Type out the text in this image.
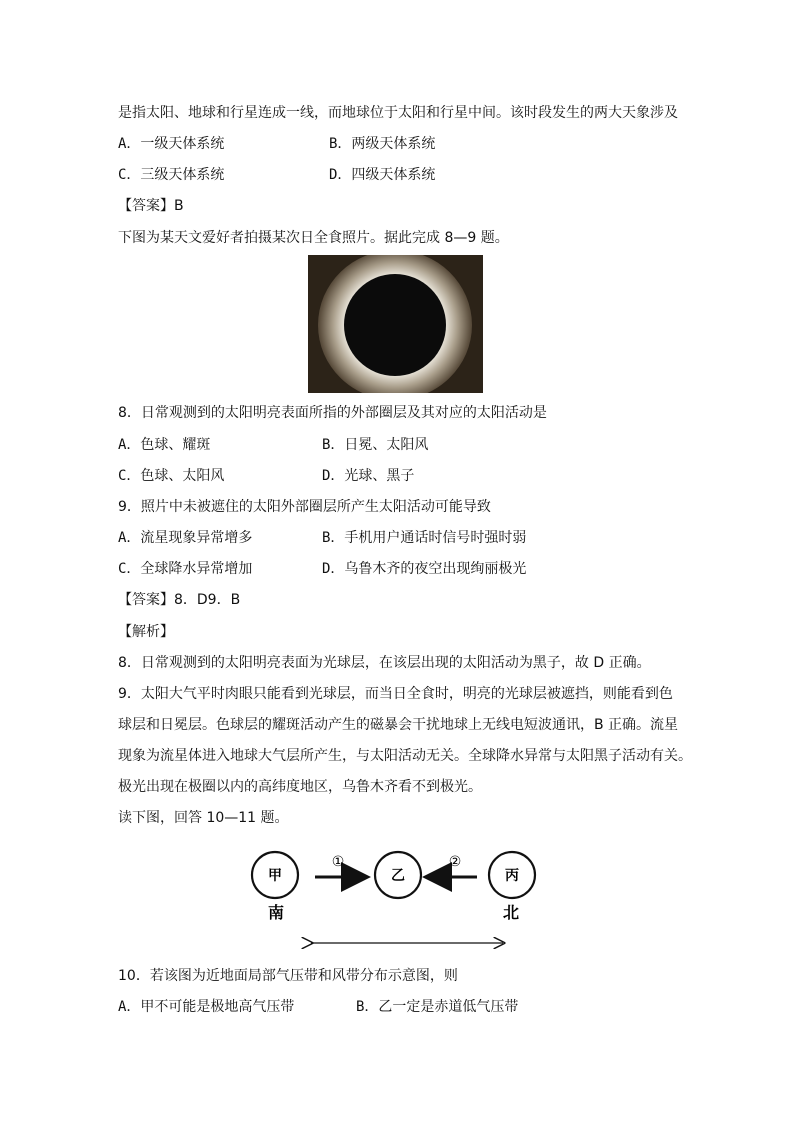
是指太阳、地球和行星连成一线，而地球位于太阳和行星中间。该时段发生的两大天象涉及
A．一级天体系统	B．两级天体系统
C．三级天体系统	D．四级天体系统
【答案】B
下图为某天文爱好者拍摄某次日全食照片。据此完成 8—9 题。
8．日常观测到的太阳明亮表面所指的外部圈层及其对应的太阳活动是
A．色球、耀斑	B．日冕、太阳风
C．色球、太阳风	D．光球、黑子
9．照片中未被遮住的太阳外部圈层所产生太阳活动可能导致
A．流星现象异常增多	B．手机用户通话时信号时强时弱
C．全球降水异常增加	D．乌鲁木齐的夜空出现绚丽极光
【答案】8．D9．B
【解析】
8．日常观测到的太阳明亮表面为光球层，在该层出现的太阳活动为黑子，故 D 正确。
9．太阳大气平时肉眼只能看到光球层，而当日全食时，明亮的光球层被遮挡，则能看到色
球层和日冕层。色球层的耀斑活动产生的磁暴会干扰地球上无线电短波通讯，B 正确。流星
现象为流星体进入地球大气层所产生，与太阳活动无关。全球降水异常与太阳黑子活动有关。
极光出现在极圈以内的高纬度地区，乌鲁木齐看不到极光。
读下图，回答 10—11 题。
甲	乙	丙
①	②
南	北
10．若该图为近地面局部气压带和风带分布示意图，则
A．甲不可能是极地高气压带	B．乙一定是赤道低气压带
